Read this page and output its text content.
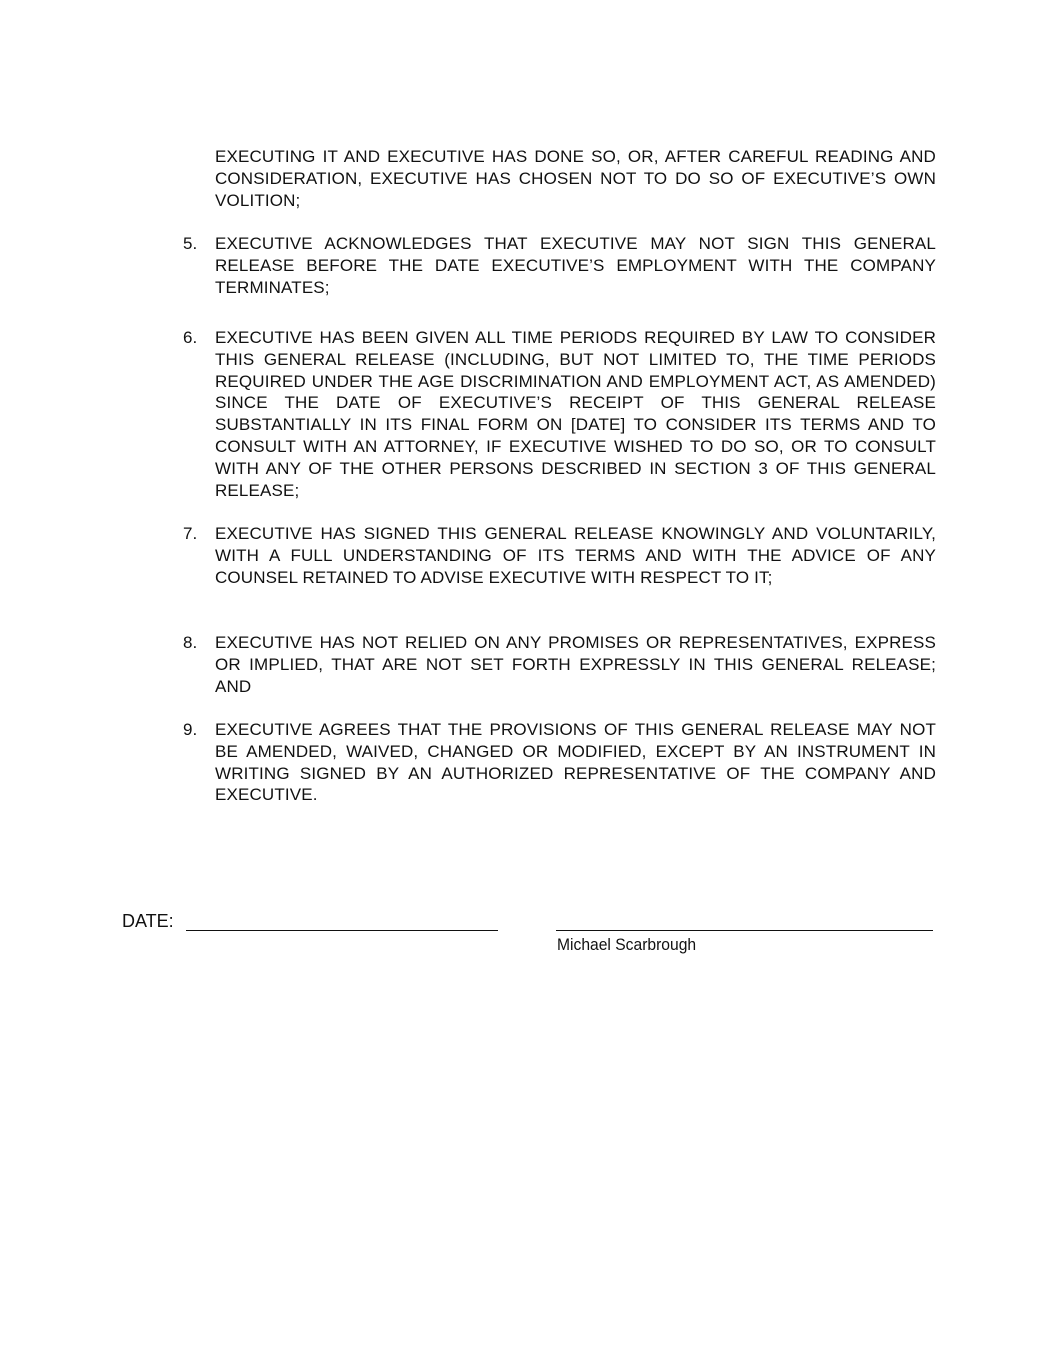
EXECUTING IT AND EXECUTIVE HAS DONE SO, OR, AFTER CAREFUL READING AND CONSIDERATION, EXECUTIVE HAS CHOSEN NOT TO DO SO OF EXECUTIVE’S OWN VOLITION;

5.	EXECUTIVE ACKNOWLEDGES THAT EXECUTIVE MAY NOT SIGN THIS GENERAL RELEASE BEFORE THE DATE EXECUTIVE’S EMPLOYMENT WITH THE COMPANY TERMINATES;

6.	EXECUTIVE HAS BEEN GIVEN ALL TIME PERIODS REQUIRED BY LAW TO CONSIDER THIS GENERAL RELEASE (INCLUDING, BUT NOT LIMITED TO, THE TIME PERIODS REQUIRED UNDER THE AGE DISCRIMINATION AND EMPLOYMENT ACT, AS AMENDED) SINCE THE DATE OF EXECUTIVE’S RECEIPT OF THIS GENERAL RELEASE SUBSTANTIALLY IN ITS FINAL FORM ON [DATE] TO CONSIDER ITS TERMS AND TO CONSULT WITH AN ATTORNEY, IF EXECUTIVE WISHED TO DO SO, OR TO CONSULT WITH ANY OF THE OTHER PERSONS DESCRIBED IN SECTION 3 OF THIS GENERAL RELEASE;

7.	EXECUTIVE HAS SIGNED THIS GENERAL RELEASE KNOWINGLY AND VOLUNTARILY, WITH A FULL UNDERSTANDING OF ITS TERMS AND WITH THE ADVICE OF ANY COUNSEL RETAINED TO ADVISE EXECUTIVE WITH RESPECT TO IT;

8.	EXECUTIVE HAS NOT RELIED ON ANY PROMISES OR REPRESENTATIVES, EXPRESS OR IMPLIED, THAT ARE NOT SET FORTH EXPRESSLY IN THIS GENERAL RELEASE; AND

9.	EXECUTIVE AGREES THAT THE PROVISIONS OF THIS GENERAL RELEASE MAY NOT BE AMENDED, WAIVED, CHANGED OR MODIFIED, EXCEPT BY AN INSTRUMENT IN WRITING SIGNED BY AN AUTHORIZED REPRESENTATIVE OF THE COMPANY AND EXECUTIVE.

DATE:
Michael Scarbrough
